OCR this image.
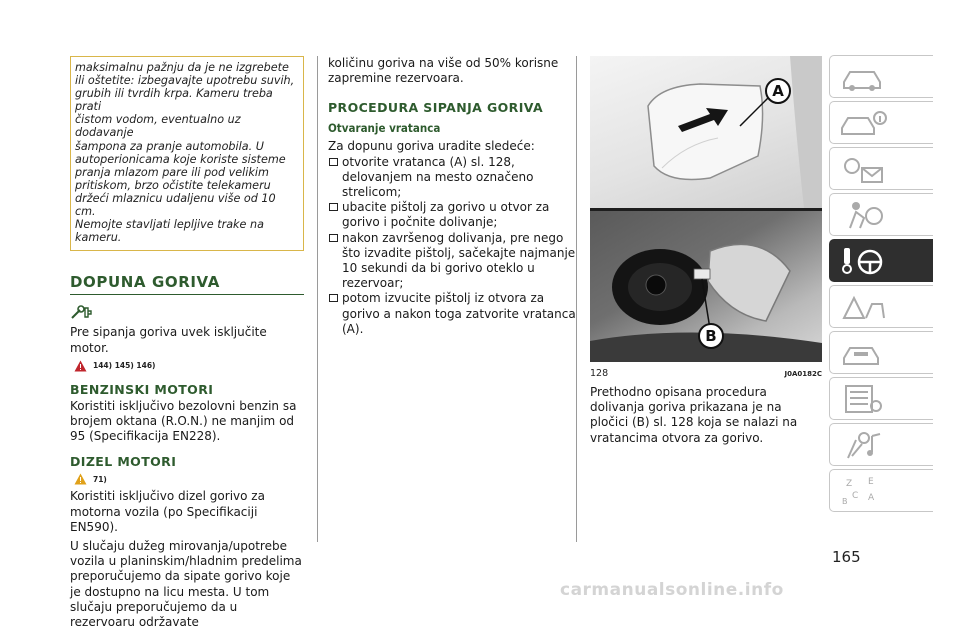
maksimalnu pažnju da je ne izgrebete
ili oštetite: izbegavajte upotrebu suvih,
grubih ili tvrdih krpa. Kameru treba prati
čistom vodom, eventualno uz dodavanje
šampona za pranje automobila. U
autoperionicama koje koriste sisteme
pranja mlazom pare ili pod velikim
pritiskom, brzo očistite telekameru
držeći mlaznicu udaljenu više od 10 cm.
Nemojte stavljati lepljive trake na kameru.
DOPUNA GORIVA
Pre sipanja goriva uvek isključite motor.
144) 145) 146)
BENZINSKI MOTORI
Koristiti isključivo bezolovni benzin sa brojem oktana (R.O.N.) ne manjim od 95 (Specifikacija EN228).
DIZEL MOTORI
71)
Koristiti isključivo dizel gorivo za motorna vozila (po Specifikaciji EN590).
U slučaju dužeg mirovanja/upotrebe vozila u planinskim/hladnim predelima preporučujemo da sipate gorivo koje je dostupno na licu mesta. U tom slučaju preporučujemo da u rezervoaru održavate
količinu goriva na više od 50% korisne zapremine rezervoara.
PROCEDURA SIPANJA GORIVA
Otvaranje vratanca
Za dopunu goriva uradite sledeće:
otvorite vratanca (A) sl. 128, delovanjem na mesto označeno strelicom;
ubacite pištolj za gorivo u otvor za gorivo i počnite dolivanje;
nakon završenog dolivanja, pre nego što izvadite pištolj, sačekajte najmanje 10 sekundi da bi gorivo oteklo u rezervoar;
potom izvucite pištolj iz otvora za gorivo a nakon toga zatvorite vratanca (A).
A
B
128	J0A0182C
Prethodno opisana procedura dolivanja goriva prikazana je na pločici (B) sl. 128 koja se nalazi na vratancima otvora za gorivo.
Z E
C A
B
165
carmanualsonline.info
